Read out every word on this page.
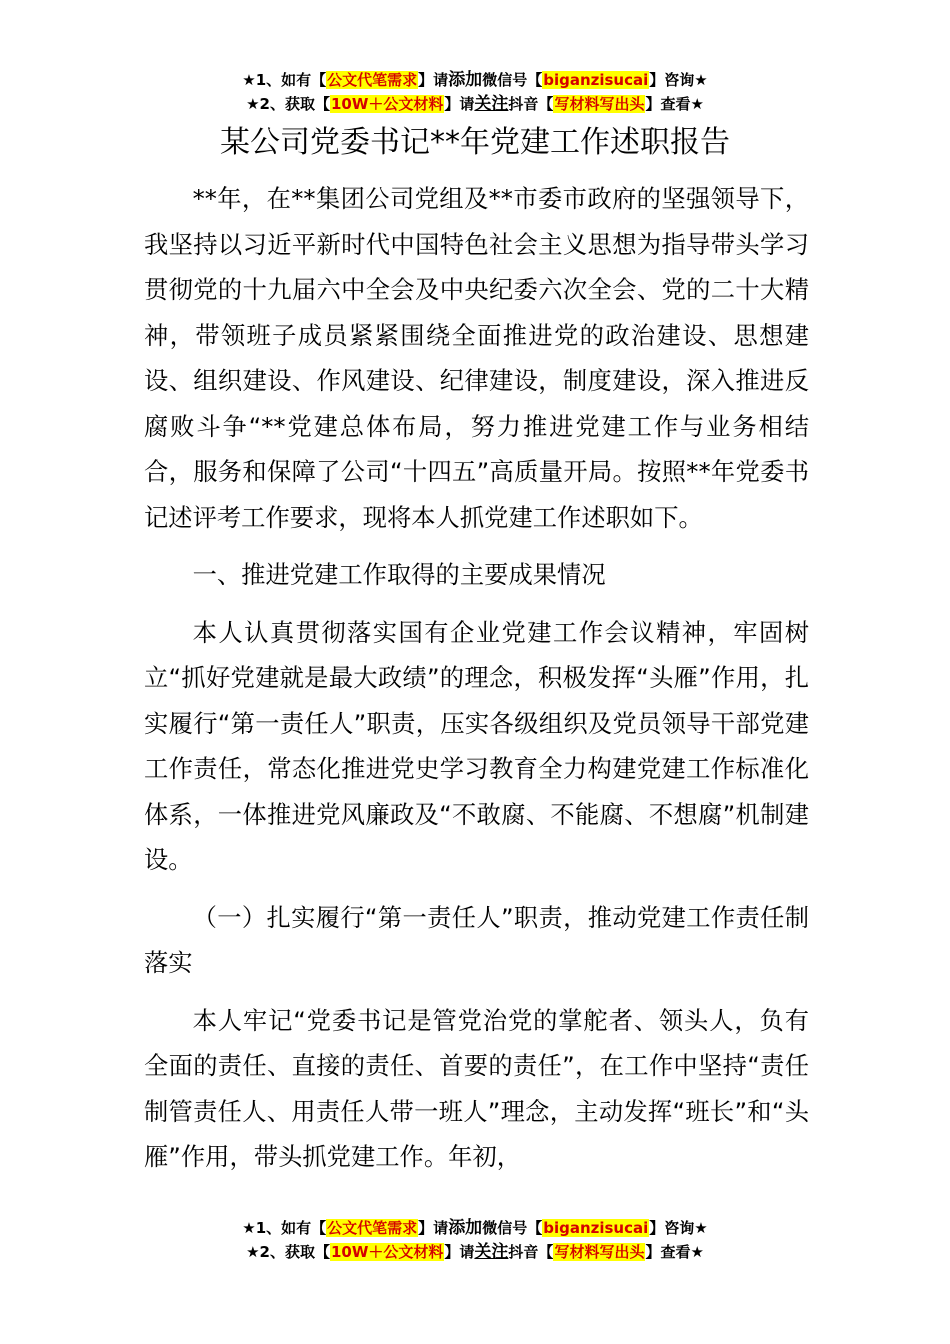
★1、如有【公文代笔需求】请添加微信号【biganzisucai】咨询★
★2、获取【10W＋公文材料】请关注抖音【写材料写出头】查看★
某公司党委书记**年党建工作述职报告

**年，在**集团公司党组及**市委市政府的坚强领导下，我坚持以习近平新时代中国特色社会主义思想为指导带头学习贯彻党的十九届六中全会及中央纪委六次全会、党的二十大精神，带领班子成员紧紧围绕全面推进党的政治建设、思想建设、组织建设、作风建设、纪律建设，制度建设，深入推进反腐败斗争“**党建总体布局，努力推进党建工作与业务相结合，服务和保障了公司“十四五”高质量开局。按照**年党委书记述评考工作要求，现将本人抓党建工作述职如下。

一、推进党建工作取得的主要成果情况

本人认真贯彻落实国有企业党建工作会议精神，牢固树立“抓好党建就是最大政绩”的理念，积极发挥“头雁”作用，扎实履行“第一责任人”职责，压实各级组织及党员领导干部党建工作责任，常态化推进党史学习教育全力构建党建工作标准化体系，一体推进党风廉政及“不敢腐、不能腐、不想腐”机制建设。

（一）扎实履行“第一责任人”职责，推动党建工作责任制落实

本人牢记“党委书记是管党治党的掌舵者、领头人，负有全面的责任、直接的责任、首要的责任”，在工作中坚持“责任制管责任人、用责任人带一班人”理念，主动发挥“班长”和“头雁”作用，带头抓党建工作。年初，

★1、如有【公文代笔需求】请添加微信号【biganzisucai】咨询★
★2、获取【10W＋公文材料】请关注抖音【写材料写出头】查看★
